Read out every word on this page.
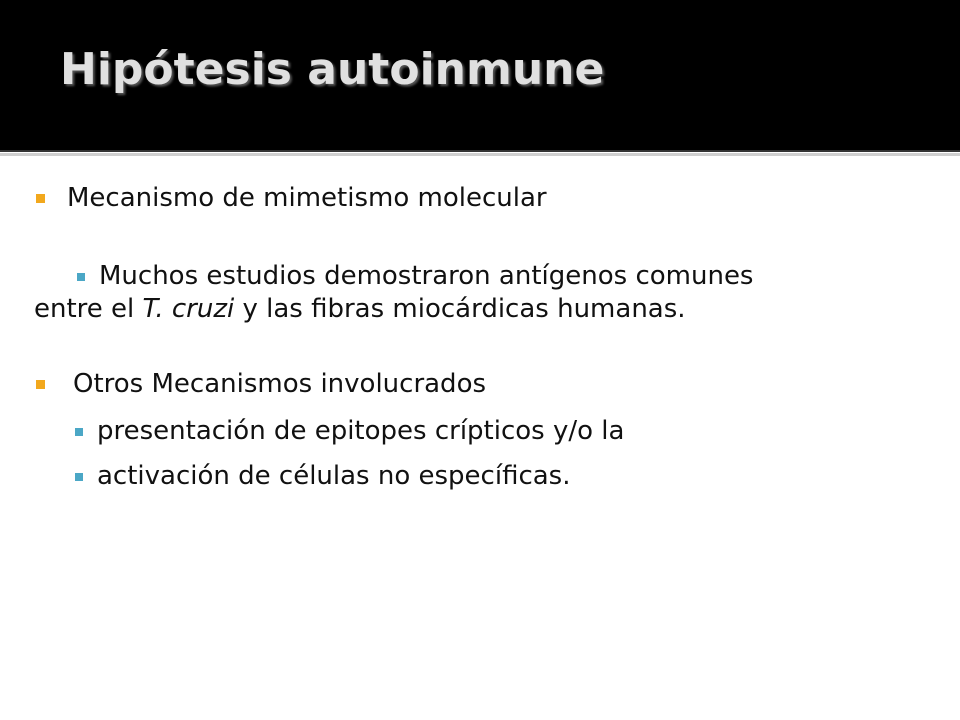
Hipótesis autoinmune
Mecanismo de mimetismo molecular
Muchos estudios demostraron antígenos comunes
entre el T. cruzi y las fibras miocárdicas humanas.
Otros Mecanismos involucrados
presentación de epitopes crípticos y/o la
activación de células no específicas.
